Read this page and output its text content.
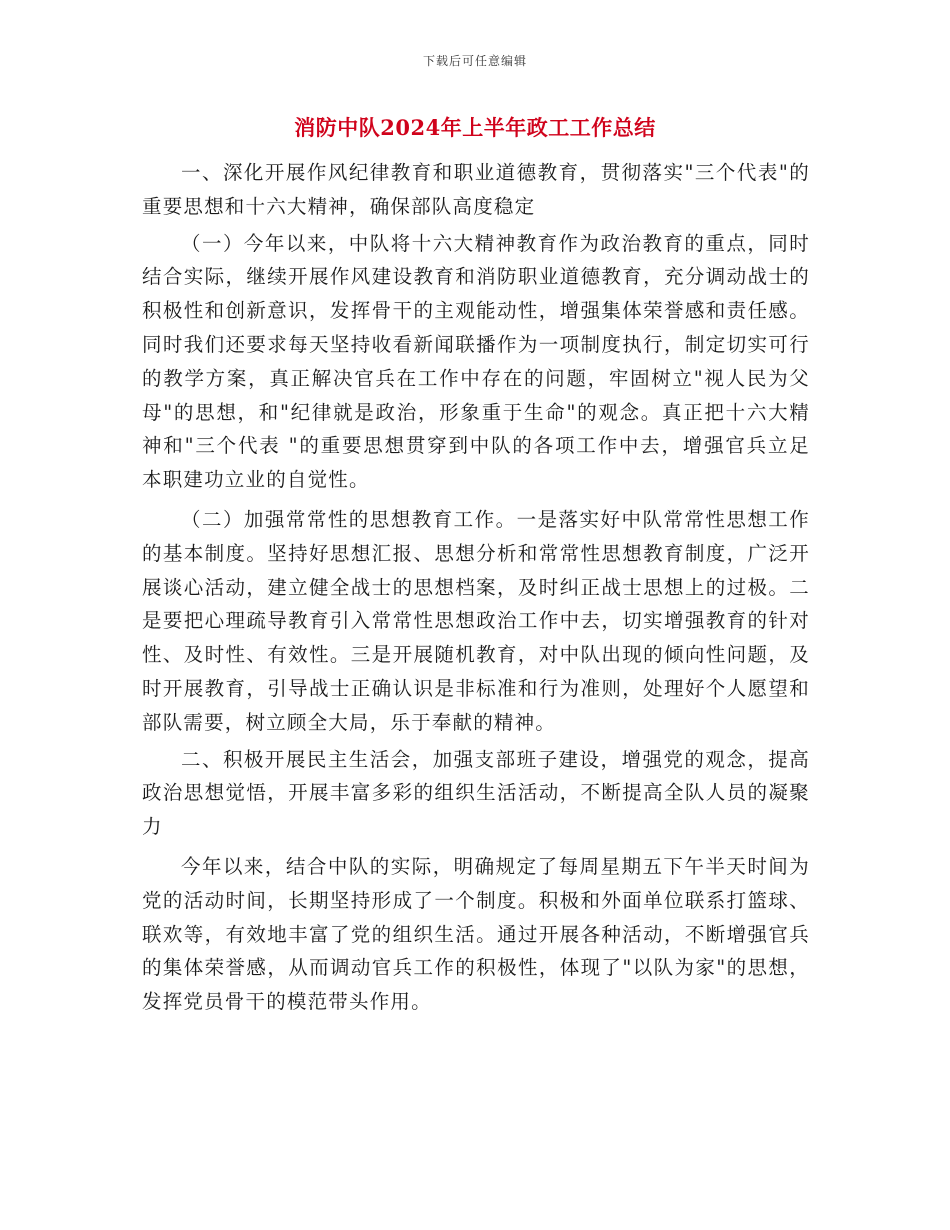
下载后可任意编辑
消防中队2024年上半年政工工作总结

一、深化开展作风纪律教育和职业道德教育，贯彻落实"三个代表"的重要思想和十六大精神，确保部队高度稳定

（一）今年以来，中队将十六大精神教育作为政治教育的重点，同时结合实际，继续开展作风建设教育和消防职业道德教育，充分调动战士的积极性和创新意识，发挥骨干的主观能动性，增强集体荣誉感和责任感。同时我们还要求每天坚持收看新闻联播作为一项制度执行，制定切实可行的教学方案，真正解决官兵在工作中存在的问题，牢固树立"视人民为父母"的思想，和"纪律就是政治，形象重于生命"的观念。真正把十六大精神和"三个代表 "的重要思想贯穿到中队的各项工作中去，增强官兵立足本职建功立业的自觉性。

（二）加强常常性的思想教育工作。一是落实好中队常常性思想工作的基本制度。坚持好思想汇报、思想分析和常常性思想教育制度，广泛开展谈心活动，建立健全战士的思想档案，及时纠正战士思想上的过极。二是要把心理疏导教育引入常常性思想政治工作中去，切实增强教育的针对性、及时性、有效性。三是开展随机教育，对中队出现的倾向性问题，及时开展教育，引导战士正确认识是非标准和行为准则，处理好个人愿望和部队需要，树立顾全大局，乐于奉献的精神。

二、积极开展民主生活会，加强支部班子建设，增强党的观念，提高政治思想觉悟，开展丰富多彩的组织生活活动，不断提高全队人员的凝聚力

今年以来，结合中队的实际，明确规定了每周星期五下午半天时间为党的活动时间，长期坚持形成了一个制度。积极和外面单位联系打篮球、联欢等，有效地丰富了党的组织生活。通过开展各种活动，不断增强官兵的集体荣誉感，从而调动官兵工作的积极性，体现了"以队为家"的思想，发挥党员骨干的模范带头作用。
